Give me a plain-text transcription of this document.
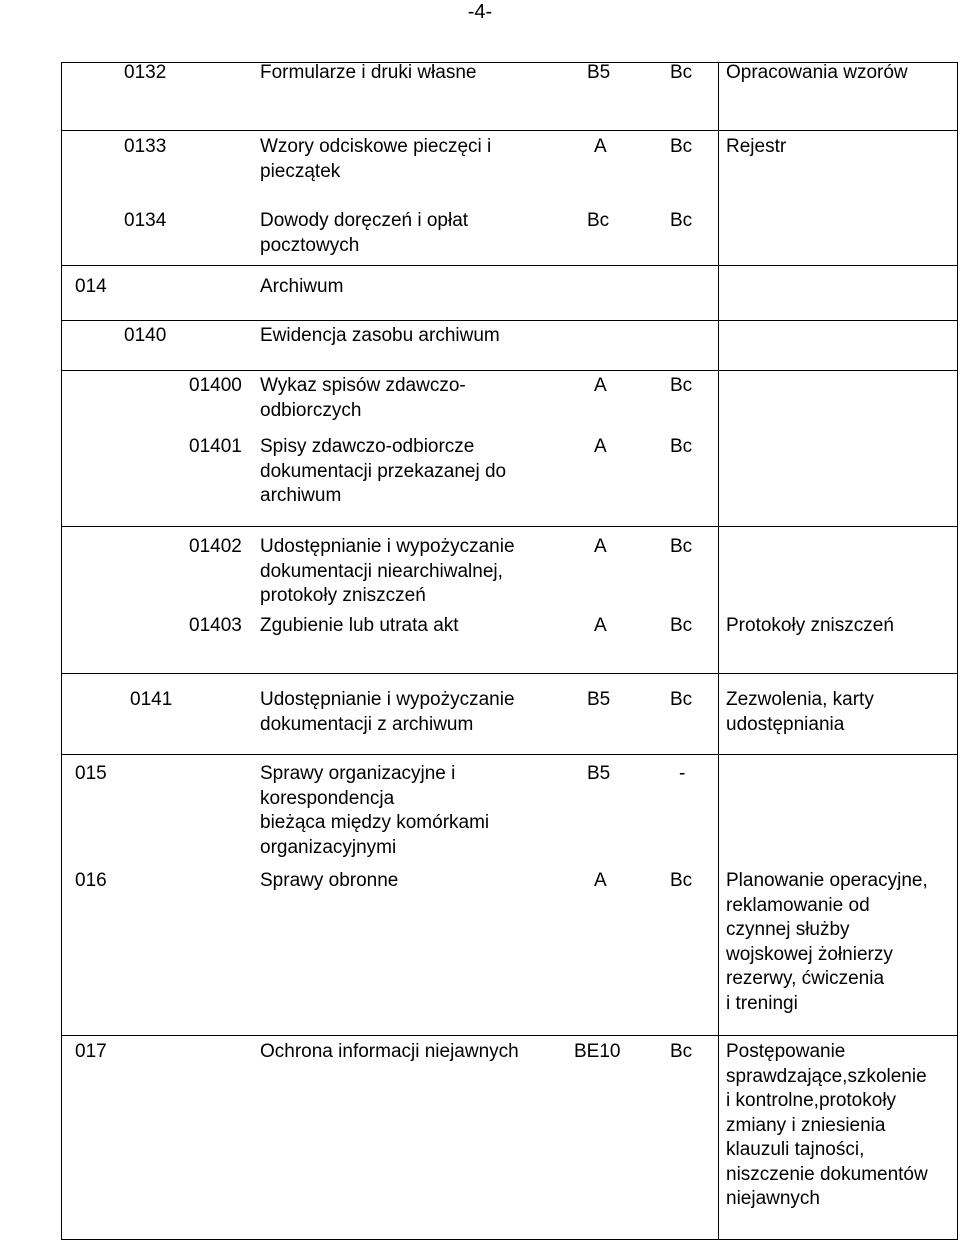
-4-
0132	Formularze i druki własne	B5	Bc Opracowania wzorów
0133	Wzory odciskowe pieczęci i
pieczątek
A	Bc Rejestr
0134	Dowody doręczeń i opłat
pocztowych
Bc	Bc
014	Archiwum
0140	Ewidencja zasobu archiwum
01400 Wykaz spisów zdawczo-
odbiorczych
A	Bc
01401 Spisy zdawczo-odbiorcze
dokumentacji przekazanej do
archiwum
A	Bc
01402 Udostępnianie i wypożyczanie
dokumentacji niearchiwalnej,
protokoły zniszczeń
A	Bc
01403 Zgubienie lub utrata akt	A	Bc Protokoły zniszczeń
0141	Udostępnianie i wypożyczanie
dokumentacji z archiwum
B5	Bc Zezwolenia, karty
udostępniania
015	Sprawy organizacyjne i
korespondencja
bieżąca między komórkami
organizacyjnymi
B5	-
016	Sprawy obronne	A	Bc Planowanie operacyjne,
reklamowanie od
czynnej służby
wojskowej żołnierzy
rezerwy, ćwiczenia
i treningi
017	Ochrona informacji niejawnych	BE10	Bc Postępowanie
sprawdzające,szkolenie
i kontrolne,protokoły
zmiany i zniesienia
klauzuli tajności,
niszczenie dokumentów
niejawnych
